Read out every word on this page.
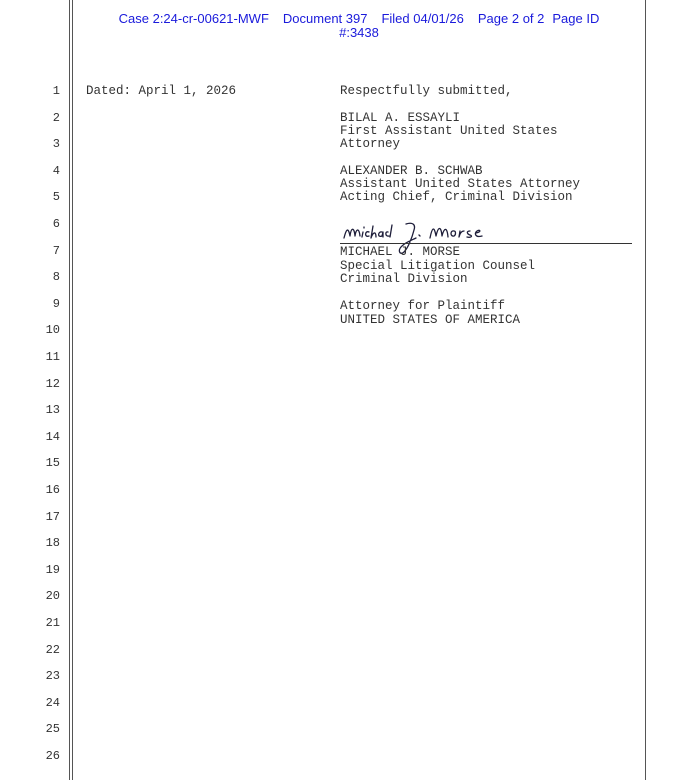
Case 2:24-cr-00621-MWF Document 397 Filed 04/01/26 Page 2 of 2 Page ID
#:3438
1
2
3
4
5
6
7
8
9
10
11
12
13
14
15
16
17
18
19
20
21
22
23
24
25
26
Dated: April 1, 2026	Respectfully submitted,
BILAL A. ESSAYLI
First Assistant United States
Attorney
ALEXANDER B. SCHWAB
Assistant United States Attorney
Acting Chief, Criminal Division
MICHAEL J. MORSE
Special Litigation Counsel
Criminal Division
Attorney for Plaintiff
UNITED STATES OF AMERICA
